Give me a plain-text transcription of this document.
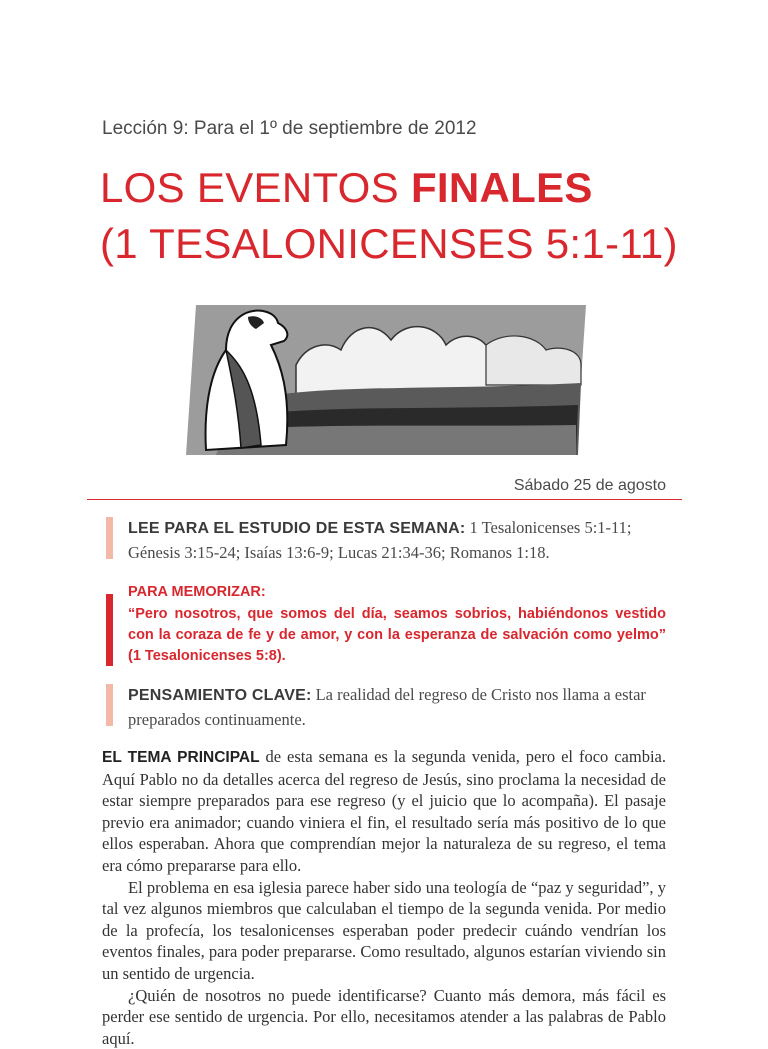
Lección 9: Para el 1º de septiembre de 2012
LOS EVENTOS FINALES
(1 TESALONICENSES 5:1-11)
Sábado 25 de agosto
LEE PARA EL ESTUDIO DE ESTA SEMANA: 1 Tesalonicenses 5:1-11; Génesis 3:15-24; Isaías 13:6-9; Lucas 21:34-36; Romanos 1:18.
PARA MEMORIZAR:
“Pero nosotros, que somos del día, seamos sobrios, habiéndonos vestido con la coraza de fe y de amor, y con la esperanza de salvación como yelmo” (1 Tesalonicenses 5:8).
PENSAMIENTO CLAVE: La realidad del regreso de Cristo nos llama a estar preparados continuamente.

EL TEMA PRINCIPAL de esta semana es la segunda venida, pero el foco cambia. Aquí Pablo no da detalles acerca del regreso de Jesús, sino proclama la necesidad de estar siempre preparados para ese regreso (y el juicio que lo acompaña). El pasaje previo era animador; cuando viniera el fin, el resultado sería más positivo de lo que ellos esperaban. Ahora que comprendían mejor la naturaleza de su regreso, el tema era cómo prepararse para ello.

El problema en esa iglesia parece haber sido una teología de “paz y seguridad”, y tal vez algunos miembros que calculaban el tiempo de la segunda venida. Por medio de la profecía, los tesalonicenses esperaban poder predecir cuándo vendrían los eventos finales, para poder prepararse. Como resultado, algunos estarían viviendo sin un sentido de urgencia.

¿Quién de nosotros no puede identificarse? Cuanto más demora, más fácil es perder ese sentido de urgencia. Por ello, necesitamos atender a las palabras de Pablo aquí.
